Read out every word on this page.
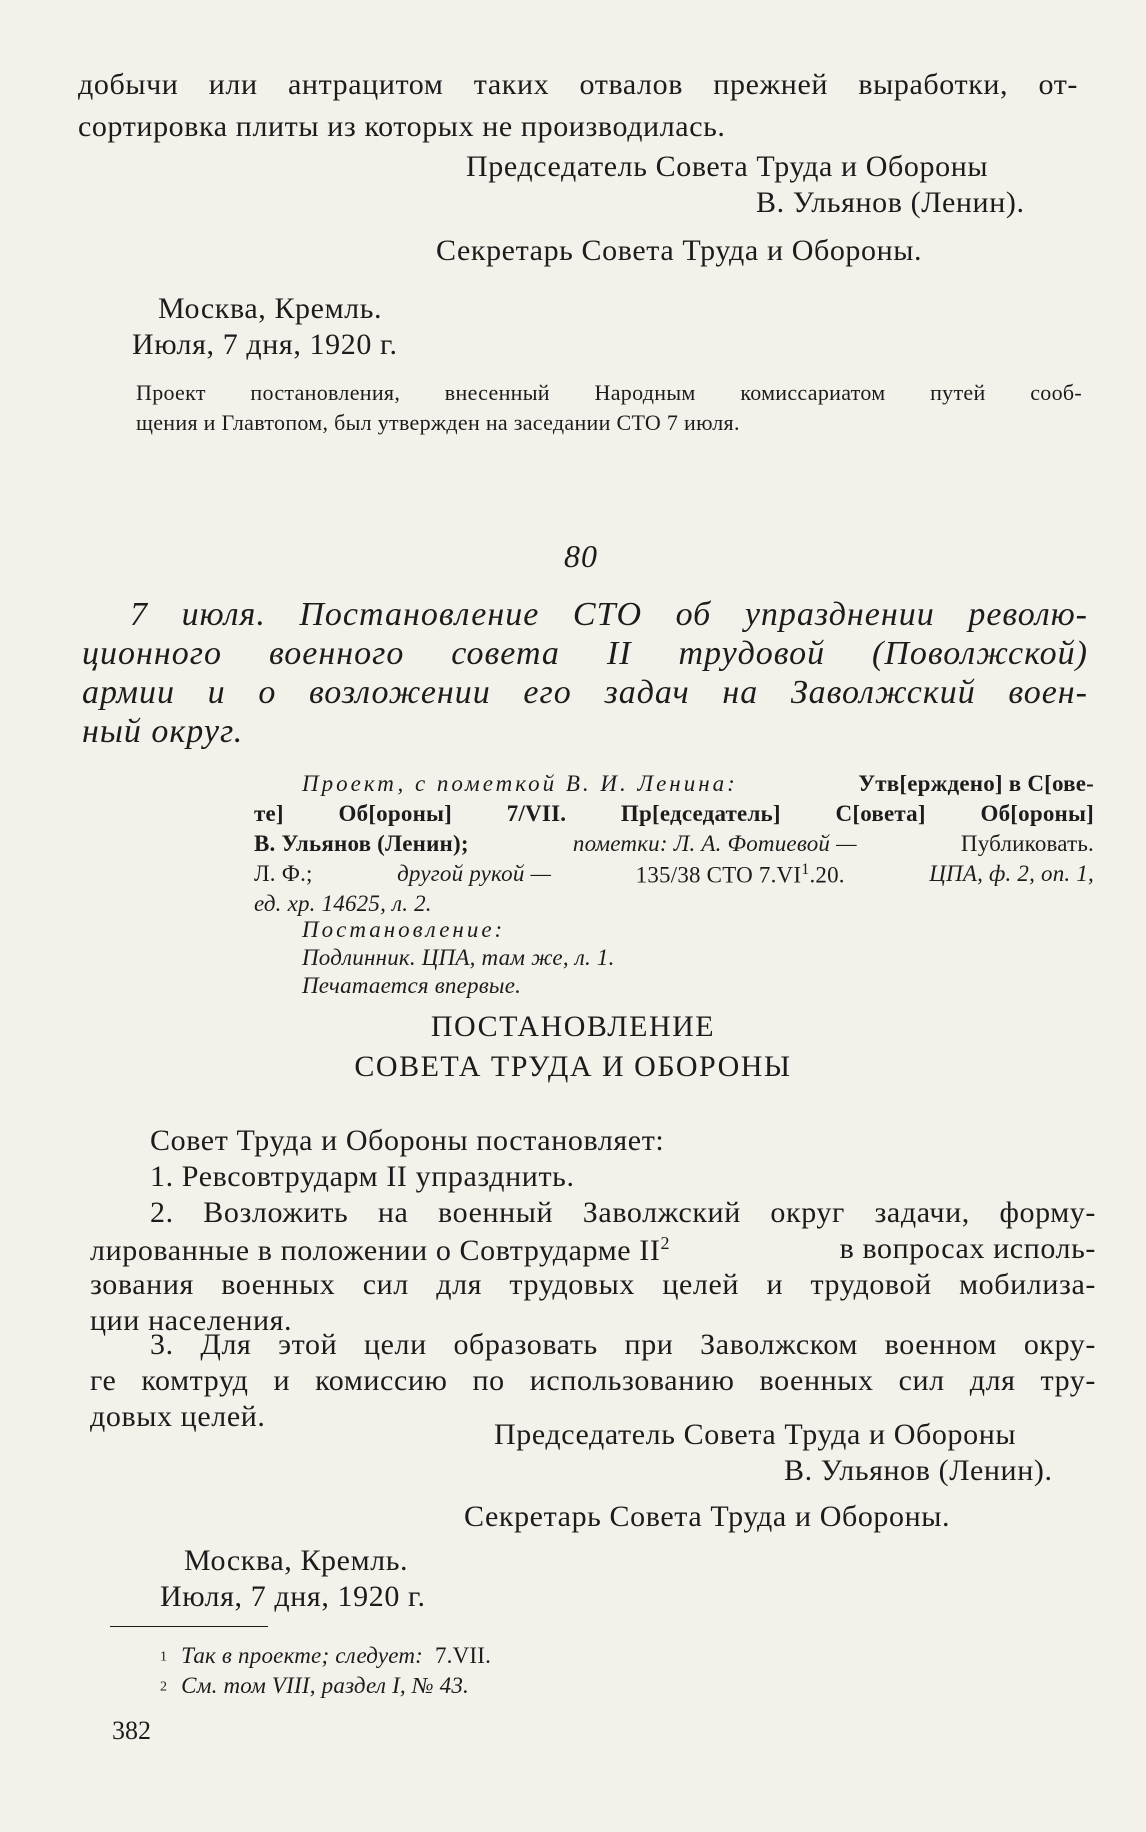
добычи или антрацитом таких отвалов прежней выработки, от-
сортировка плиты из которых не производилась.
Председатель Совета Труда и Обороны
В. Ульянов (Ленин).
Секретарь Совета Труда и Обороны.
Москва, Кремль.
Июля, 7 дня, 1920 г.
Проект постановления, внесенный Народным комиссариатом путей сооб-
щения и Главтопом, был утвержден на заседании СТО 7 июля.
80
7 июля. Постановление СТО об упразднении револю-
ционного военного совета II трудовой (Поволжской)
армии и о возложении его задач на Заволжский воен-
ный округ.
Проект, с пометкой В. И. Ленина:	Утв[ерждено] в С[ове-
те] Об[ороны] 7/VII. Пр[едседатель] С[овета] Об[ороны]
В. Ульянов (Ленин);	пометки: Л. А. Фотиевой —	Публиковать.
Л. Ф.;	другой рукой —	135/38 СТО 7.VI$^1$.20.	ЦПА, ф. 2, оп. 1,
ед. хр. 14625, л. 2.
Постановление:
Подлинник. ЦПА, там же, л. 1.
Печатается впервые.
ПОСТАНОВЛЕНИЕ
СОВЕТА ТРУДА И ОБОРОНЫ
Совет Труда и Обороны постановляет:
1. Ревсовтрударм II упразднить.
2. Возложить на военный Заволжский округ задачи, форму-
лированные в положении о Совтрударме II$^2$	в вопросах исполь-
зования военных сил для трудовых целей и трудовой мобилиза-
ции населения.
3. Для этой цели образовать при Заволжском военном окру-
ге комтруд и комиссию по использованию военных сил для тру-
довых целей.
Председатель Совета Труда и Обороны
В. Ульянов (Ленин).
Секретарь Совета Труда и Обороны.
Москва, Кремль.
Июля, 7 дня, 1920 г.
1 Так в проекте; следует: 7.VII.
2 См. том VIII, раздел I, № 43.
382
